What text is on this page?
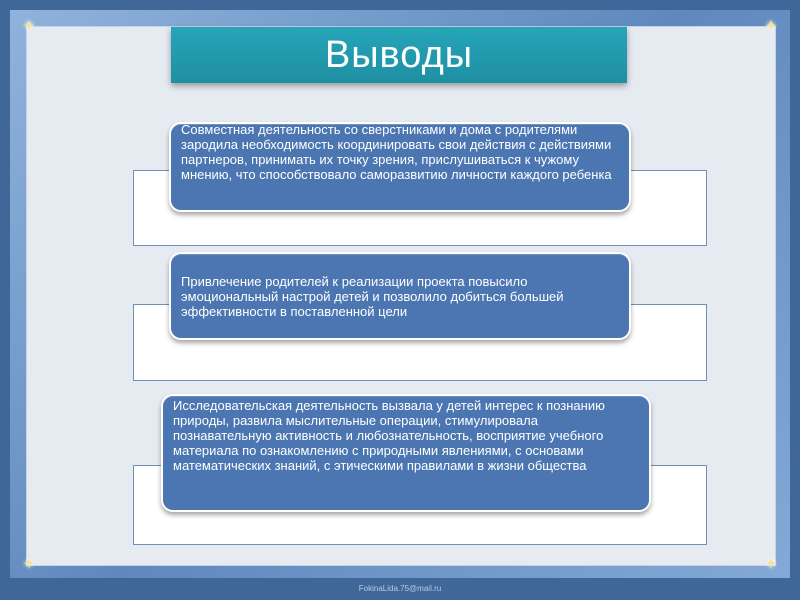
✦	✦
✦	✦
Выводы
Совместная деятельность со сверстниками и дома с родителями зародила необходимость координировать свои действия с действиями партнеров, принимать их точку зрения, прислушиваться к чужому мнению, что способствовало саморазвитию личности каждого ребенка
Привлечение родителей к реализации проекта повысило эмоциональный настрой детей и позволило добиться большей эффективности в поставленной цели
Исследовательская деятельность вызвала у детей интерес к познанию природы, развила мыслительные операции, стимулировала познавательную активность и любознательность, восприятие учебного материала по ознакомлению с природными явлениями, с основами математических знаний, с этическими правилами в жизни общества
FokinaLida.75@mail.ru
